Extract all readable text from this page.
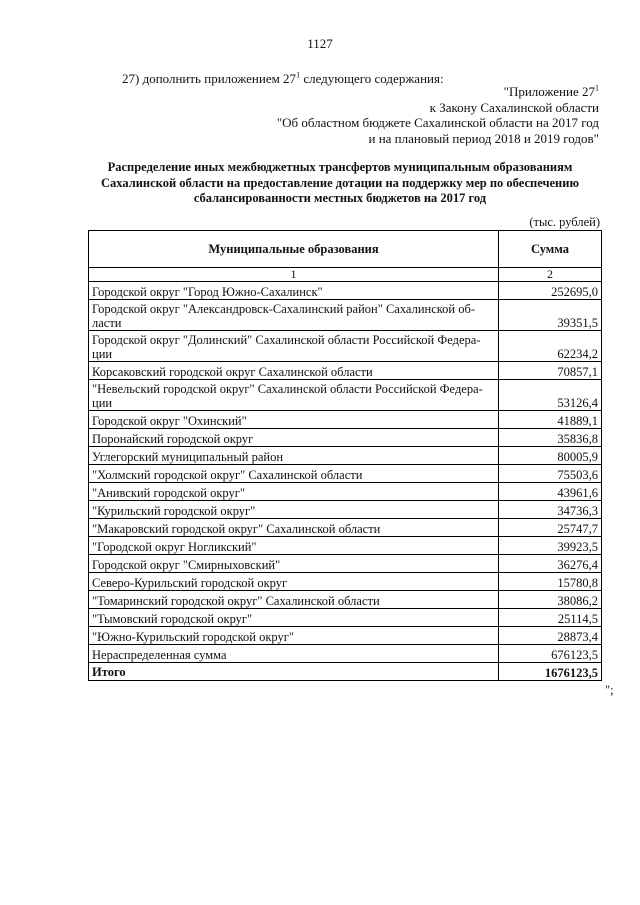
1127
27) дополнить приложением $27^1$ следующего содержания:
"Приложение $27^1$
к Закону Сахалинской области
"Об областном бюджете Сахалинской области на 2017 год
и на плановый период 2018 и 2019 годов"
Распределение иных межбюджетных трансфертов муниципальным образованиям
Сахалинской области на предоставление дотации на поддержку мер по обеспечению
сбалансированности местных бюджетов на 2017 год
(тыс. рублей)
Муниципальные образования	Сумма
1	2
Городской округ "Город Южно-Сахалинск"	252695,0
Городской округ "Александровск-Сахалинский район" Сахалинской об-ласти	39351,5
Городской округ "Долинский" Сахалинской области Российской Федера-ции	62234,2
Корсаковский городской округ Сахалинской области	70857,1
"Невельский городской округ" Сахалинской области Российской Федера-ции	53126,4
Городской округ "Охинский"	41889,1
Поронайский городской округ	35836,8
Углегорский муниципальный район	80005,9
"Холмский городской округ" Сахалинской области	75503,6
"Анивский городской округ"	43961,6
"Курильский городской округ"	34736,3
"Макаровский городской округ" Сахалинской области	25747,7
"Городской округ Ногликский"	39923,5
Городской округ "Смирныховский"	36276,4
Северо-Курильский городской округ	15780,8
"Томаринский городской округ" Сахалинской области	38086,2
"Тымовский городской округ"	25114,5
"Южно-Курильский городской округ"	28873,4
Нераспределенная сумма	676123,5
Итого	1676123,5
";
